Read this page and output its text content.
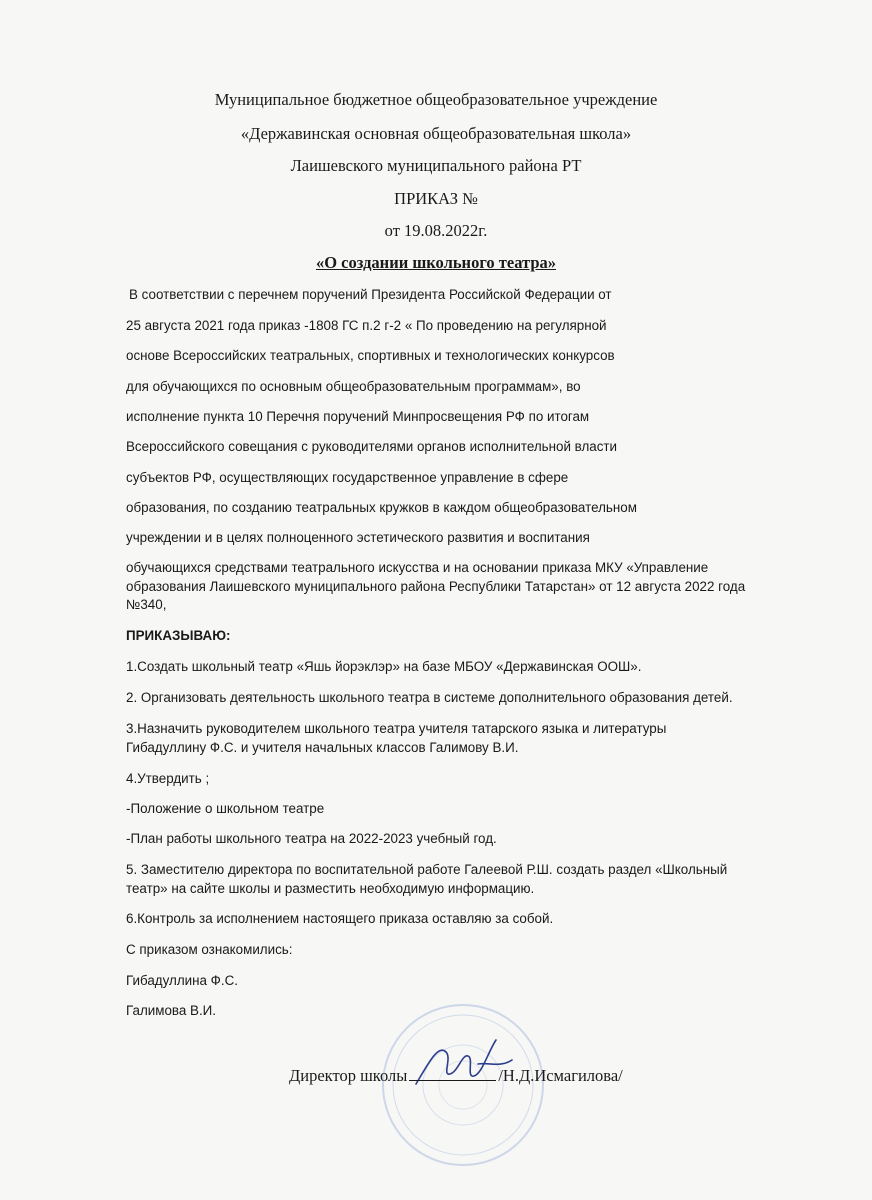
Муниципальное бюджетное общеобразовательное учреждение
«Державинская основная общеобразовательная школа»
Лаишевского муниципального района РТ
ПРИКАЗ №
от 19.08.2022г.
«О создании школьного театра»
В соответствии с перечнем поручений Президента Российской Федерации от
25 августа 2021 года приказ -1808 ГС п.2 г-2 « По проведению на регулярной
основе Всероссийских театральных, спортивных и технологических конкурсов
для обучающихся по основным общеобразовательным программам», во
исполнение пункта 10 Перечня поручений Минпросвещения РФ по итогам
Всероссийского совещания с руководителями органов исполнительной власти
субъектов РФ, осуществляющих государственное управление в сфере
образования, по созданию театральных кружков в каждом общеобразовательном
учреждении и в целях полноценного эстетического развития и воспитания
обучающихся средствами театрального искусства и на основании приказа МКУ «Управление
образования Лаишевского муниципального района Республики Татарстан» от 12 августа 2022 года
№340,
ПРИКАЗЫВАЮ:
1.Создать школьный театр «Яшь йорэклэр» на базе МБОУ «Державинская ООШ».
2. Организовать деятельность школьного театра в системе дополнительного образования детей.
3.Назначить руководителем школьного театра учителя татарского языка и литературы
Гибадуллину Ф.С. и учителя начальных классов Галимову В.И.
4.Утвердить ;
-Положение о школьном театре
-План работы школьного театра на 2022-2023 учебный год.
5. Заместителю директора по воспитательной работе Галеевой Р.Ш. создать раздел «Школьный
театр» на сайте школы и разместить необходимую информацию.
6.Контроль за исполнением настоящего приказа оставляю за собой.
С приказом ознакомились:
Гибадуллина Ф.С.
Галимова В.И.
Директор школы	/Н.Д.Исмагилова/
